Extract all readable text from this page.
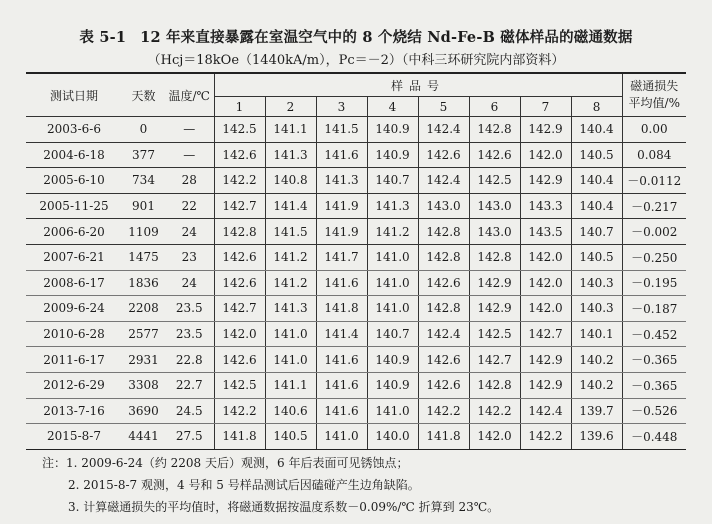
表 5-1 12 年来直接暴露在室温空气中的 8 个烧结 Nd-Fe-B 磁体样品的磁通数据
（Hcj＝18kOe（1440kA/m），Pc＝－2）（中科三环研究院内部资料）
测试日期	天数	温度/℃	样品号								磁通损失
平均值/%
			1	2	3	4	5	6	7	8	
2003-6-6	0	—	142.5	141.1	141.5	140.9	142.4	142.8	142.9	140.4	0.00
2004-6-18	377	—	142.6	141.3	141.6	140.9	142.6	142.6	142.0	140.5	0.084
2005-6-10	734	28	142.2	140.8	141.3	140.7	142.4	142.5	142.9	140.4	－0.0112
2005-11-25	901	22	142.7	141.4	141.9	141.3	143.0	143.0	143.3	140.4	－0.217
2006-6-20	1109	24	142.8	141.5	141.9	141.2	142.8	143.0	143.5	140.7	－0.002
2007-6-21	1475	23	142.6	141.2	141.7	141.0	142.8	142.8	142.0	140.5	－0.250
2008-6-17	1836	24	142.6	141.2	141.6	141.0	142.6	142.9	142.0	140.3	－0.195
2009-6-24	2208	23.5	142.7	141.3	141.8	141.0	142.8	142.9	142.0	140.3	－0.187
2010-6-28	2577	23.5	142.0	141.0	141.4	140.7	142.4	142.5	142.7	140.1	－0.452
2011-6-17	2931	22.8	142.6	141.0	141.6	140.9	142.6	142.7	142.9	140.2	－0.365
2012-6-29	3308	22.7	142.5	141.1	141.6	140.9	142.6	142.8	142.9	140.2	－0.365
2013-7-16	3690	24.5	142.2	140.6	141.6	141.0	142.2	142.2	142.4	139.7	－0.526
2015-8-7	4441	27.5	141.8	140.5	141.0	140.0	141.8	142.0	142.2	139.6	－0.448
注：1. 2009-6-24（约 2208 天后）观测，6 年后表面可见锈蚀点；
2. 2015-8-7 观测，4 号和 5 号样品测试后因磕碰产生边角缺陷。
3. 计算磁通损失的平均值时，将磁通数据按温度系数－0.09%/℃ 折算到 23℃。
